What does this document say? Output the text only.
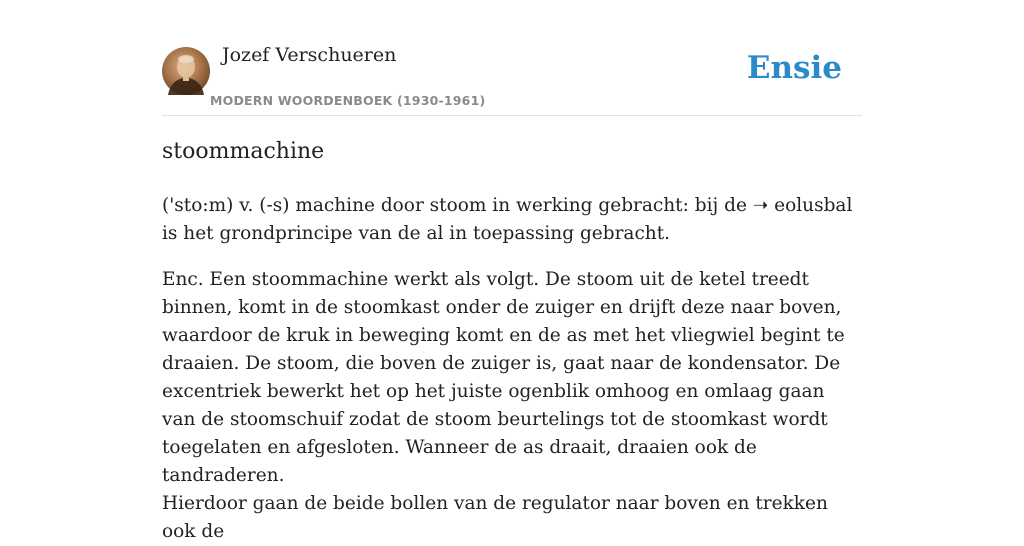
Jozef Verschueren
MODERN WOORDENBOEK (1930-1961)
Ensie
stoommachine

('sto:m) v. (-s) machine door stoom in werking gebracht: bij de ➝ eolusbal is het grondprincipe van de al in toepassing gebracht.

Enc. Een stoommachine werkt als volgt. De stoom uit de ketel treedt binnen, komt in de stoomkast onder de zuiger en drijft deze naar boven, waardoor de kruk in beweging komt en de as met het vliegwiel begint te draaien. De stoom, die boven de zuiger is, gaat naar de kondensator. De excentriek bewerkt het op het juiste ogenblik omhoog en omlaag gaan van de stoomschuif zodat de stoom beurtelings tot de stoomkast wordt toegelaten en afgesloten. Wanneer de as draait, draaien ook de tandraderen.

Hierdoor gaan de beide bollen van de regulator naar boven en trekken ook de
